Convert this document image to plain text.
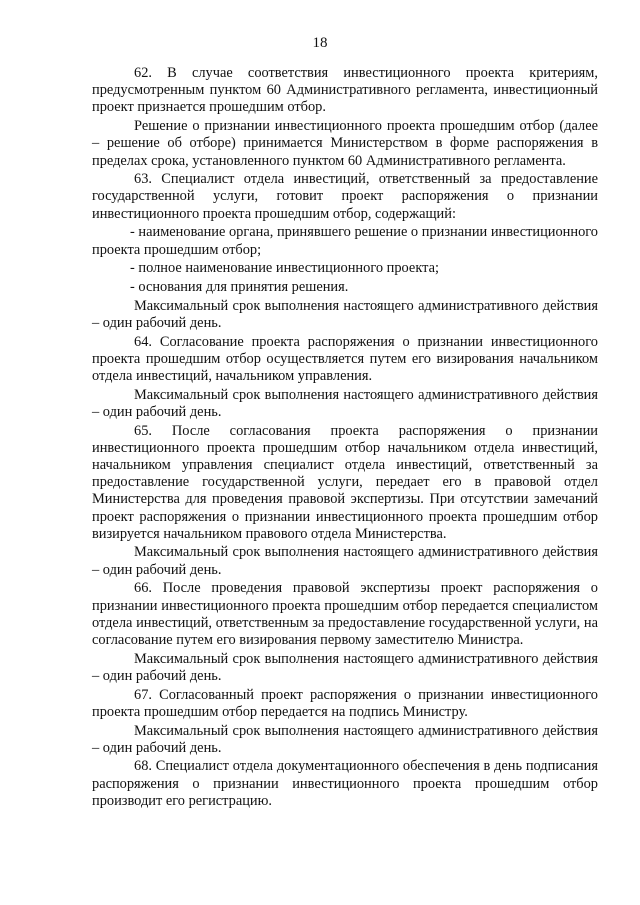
18

62. В случае соответствия инвестиционного проекта критериям, предусмотренным пунктом 60 Административного регламента, инвестиционный проект признается прошедшим отбор.

Решение о признании инвестиционного проекта прошедшим отбор (далее – решение об отборе) принимается Министерством в форме распоряжения в пределах срока, установленного пунктом 60 Административного регламента.

63. Специалист отдела инвестиций, ответственный за предоставление государственной услуги, готовит проект распоряжения о признании инвестиционного проекта прошедшим отбор, содержащий:

- наименование органа, принявшего решение о признании инвестиционного проекта прошедшим отбор;

- полное наименование инвестиционного проекта;

- основания для принятия решения.

Максимальный срок выполнения настоящего административного действия – один рабочий день.

64. Согласование проекта распоряжения о признании инвестиционного проекта прошедшим отбор осуществляется путем его визирования начальником отдела инвестиций, начальником управления.

Максимальный срок выполнения настоящего административного действия – один рабочий день.

65. После согласования проекта распоряжения о признании инвестиционного проекта прошедшим отбор начальником отдела инвестиций, начальником управления специалист отдела инвестиций, ответственный за предоставление государственной услуги, передает его в правовой отдел Министерства для проведения правовой экспертизы. При отсутствии замечаний проект распоряжения о признании инвестиционного проекта прошедшим отбор визируется начальником правового отдела Министерства.

Максимальный срок выполнения настоящего административного действия – один рабочий день.

66. После проведения правовой экспертизы проект распоряжения о признании инвестиционного проекта прошедшим отбор передается специалистом отдела инвестиций, ответственным за предоставление государственной услуги, на согласование путем его визирования первому заместителю Министра.

Максимальный срок выполнения настоящего административного действия – один рабочий день.

67. Согласованный проект распоряжения о признании инвестиционного проекта прошедшим отбор передается на подпись Министру.

Максимальный срок выполнения настоящего административного действия – один рабочий день.

68. Специалист отдела документационного обеспечения в день подписания распоряжения о признании инвестиционного проекта прошедшим отбор производит его регистрацию.
